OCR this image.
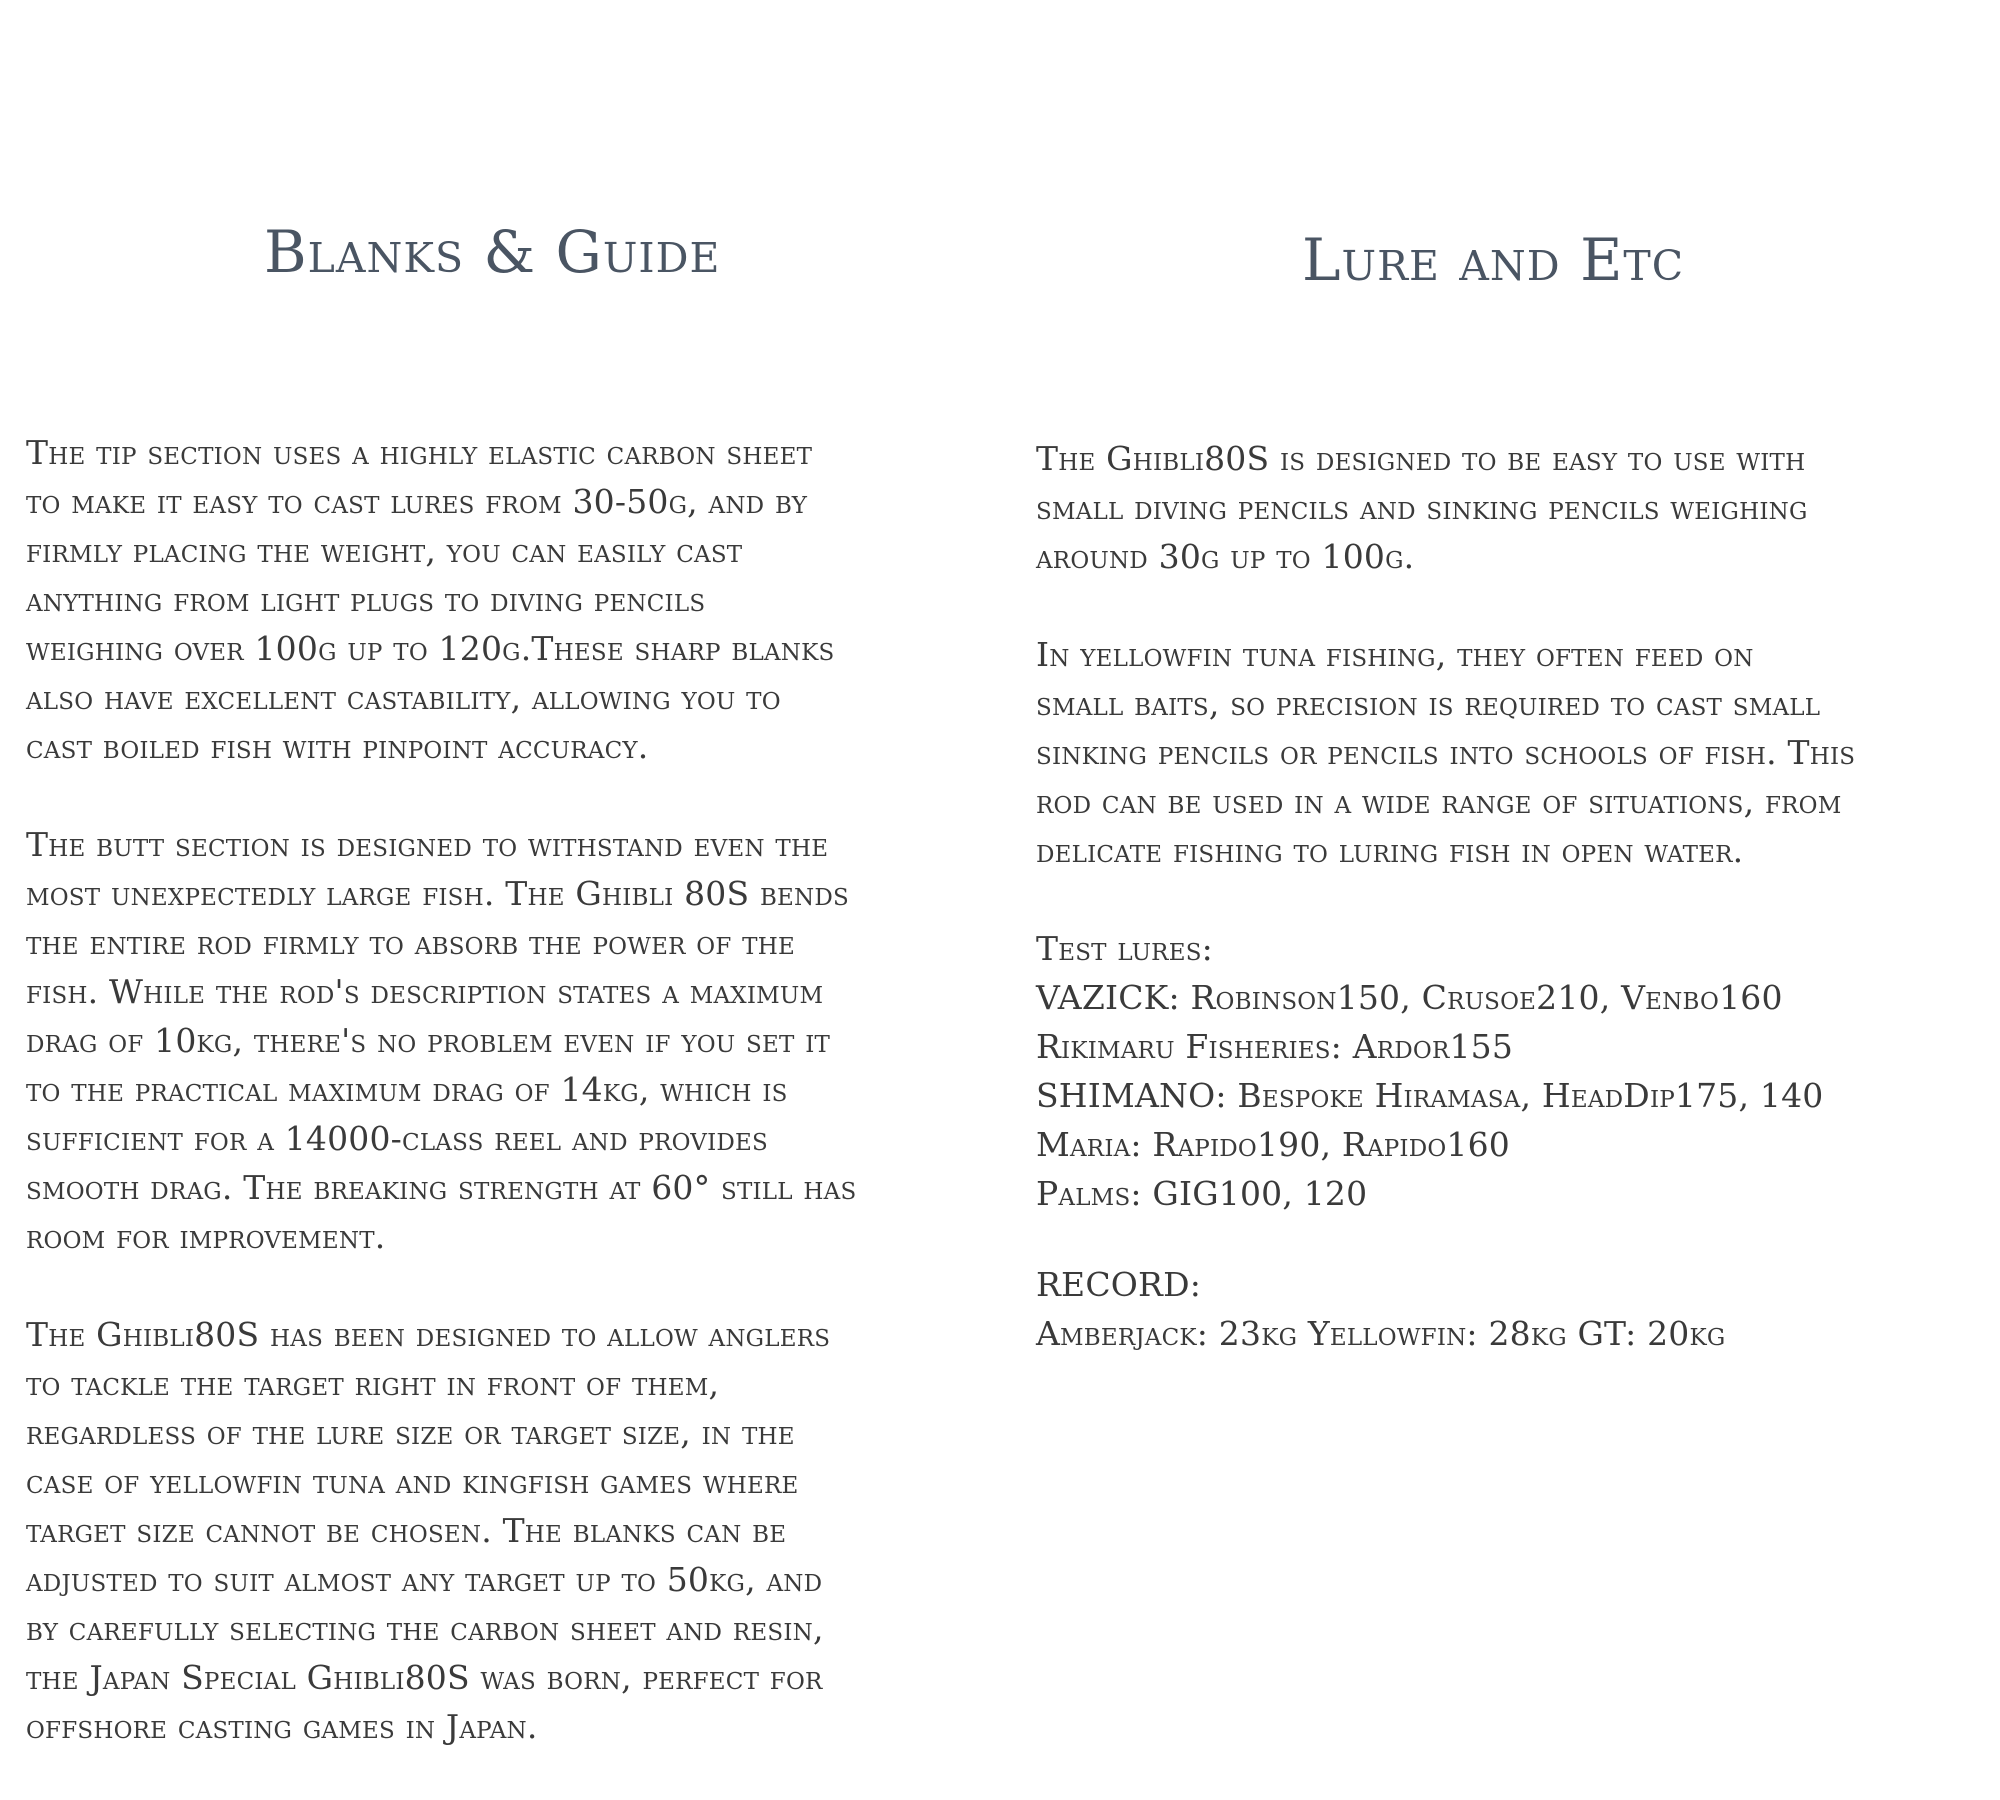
Blanks & Guide

The tip section uses a highly elastic carbon sheet
to make it easy to cast lures from 30-50g, and by
firmly placing the weight, you can easily cast
anything from light plugs to diving pencils
weighing over 100g up to 120g.These sharp blanks
also have excellent castability, allowing you to
cast boiled fish with pinpoint accuracy.

The butt section is designed to withstand even the
most unexpectedly large fish. The Ghibli 80S bends
the entire rod firmly to absorb the power of the
fish. While the rod's description states a maximum
drag of 10kg, there's no problem even if you set it
to the practical maximum drag of 14kg, which is
sufficient for a 14000-class reel and provides
smooth drag. The breaking strength at 60° still has
room for improvement.

The Ghibli80S has been designed to allow anglers
to tackle the target right in front of them,
regardless of the lure size or target size, in the
case of yellowfin tuna and kingfish games where
target size cannot be chosen. The blanks can be
adjusted to suit almost any target up to 50kg, and
by carefully selecting the carbon sheet and resin,
the Japan Special Ghibli80S was born, perfect for
offshore casting games in Japan.

Lure and Etc

The Ghibli80S is designed to be easy to use with
small diving pencils and sinking pencils weighing
around 30g up to 100g.

In yellowfin tuna fishing, they often feed on
small baits, so precision is required to cast small
sinking pencils or pencils into schools of fish. This
rod can be used in a wide range of situations, from
delicate fishing to luring fish in open water.

Test lures:
VAZICK: Robinson150, Crusoe210, Venbo160
Rikimaru Fisheries: Ardor155
SHIMANO: Bespoke Hiramasa, HeadDip175, 140
Maria: Rapido190, Rapido160
Palms: GIG100, 120
RECORD:
Amberjack: 23kg Yellowfin: 28kg GT: 20kg
